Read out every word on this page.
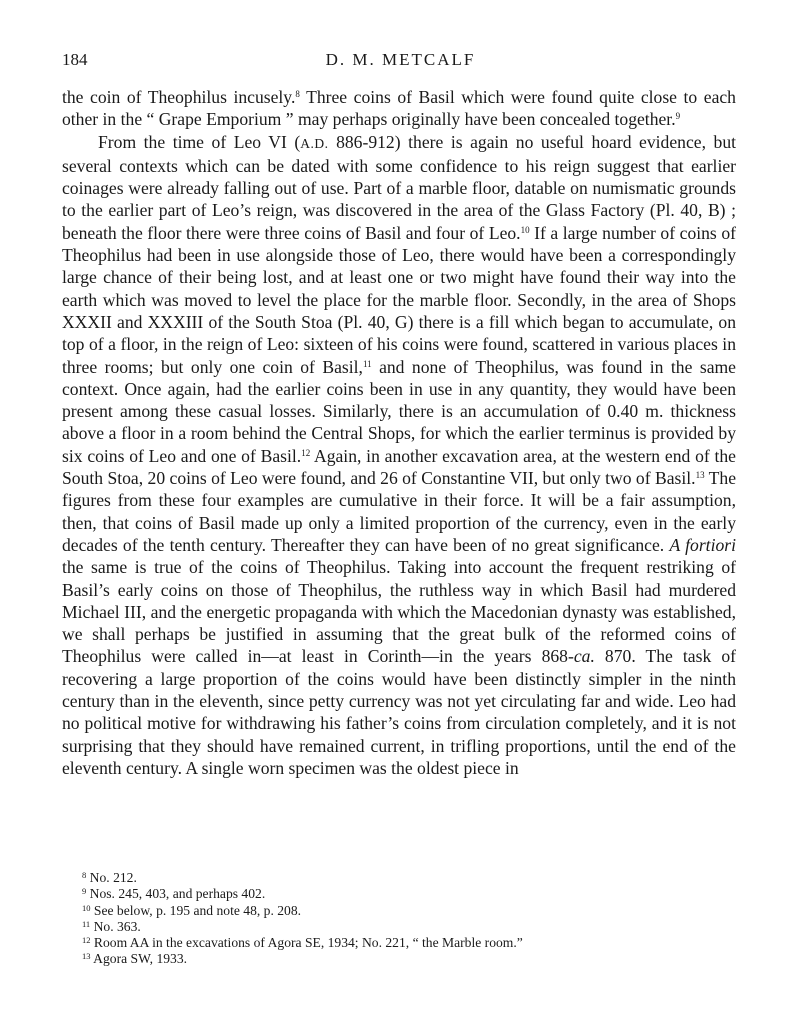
184	D. M. METCALF

the coin of Theophilus incusely.$^8$ Three coins of Basil which were found quite close to each other in the “ Grape Emporium ” may perhaps originally have been concealed together.$^9$

From the time of Leo VI (A.D. 886-912) there is again no useful hoard evidence, but several contexts which can be dated with some confidence to his reign suggest that earlier coinages were already falling out of use. Part of a marble floor, datable on numismatic grounds to the earlier part of Leo’s reign, was discovered in the area of the Glass Factory (Pl. 40, B) ; beneath the floor there were three coins of Basil and four of Leo.$^{10}$ If a large number of coins of Theophilus had been in use alongside those of Leo, there would have been a correspondingly large chance of their being lost, and at least one or two might have found their way into the earth which was moved to level the place for the marble floor. Secondly, in the area of Shops XXXII and XXXIII of the South Stoa (Pl. 40, G) there is a fill which began to accumulate, on top of a floor, in the reign of Leo: sixteen of his coins were found, scattered in various places in three rooms; but only one coin of Basil,$^{11}$ and none of Theophilus, was found in the same context. Once again, had the earlier coins been in use in any quantity, they would have been present among these casual losses. Similarly, there is an accumulation of 0.40 m. thickness above a floor in a room behind the Central Shops, for which the earlier terminus is provided by six coins of Leo and one of Basil.$^{12}$ Again, in another excavation area, at the western end of the South Stoa, 20 coins of Leo were found, and 26 of Constantine VII, but only two of Basil.$^{13}$ The figures from these four examples are cumulative in their force. It will be a fair assumption, then, that coins of Basil made up only a limited proportion of the currency, even in the early decades of the tenth century. Thereafter they can have been of no great significance. A fortiori the same is true of the coins of Theophilus. Taking into account the frequent restriking of Basil’s early coins on those of Theophilus, the ruthless way in which Basil had murdered Michael III, and the energetic propaganda with which the Macedonian dynasty was established, we shall perhaps be justified in assuming that the great bulk of the reformed coins of Theophilus were called in—at least in Corinth—in the years 868-ca. 870. The task of recovering a large proportion of the coins would have been distinctly simpler in the ninth century than in the eleventh, since petty currency was not yet circulating far and wide. Leo had no political motive for withdrawing his father’s coins from circulation completely, and it is not surprising that they should have remained current, in trifling proportions, until the end of the eleventh century. A single worn specimen was the oldest piece in

$^8$ No. 212.

$^9$ Nos. 245, 403, and perhaps 402.

$^{10}$ See below, p. 195 and note 48, p. 208.

$^{11}$ No. 363.

$^{12}$ Room AA in the excavations of Agora SE, 1934; No. 221, “ the Marble room.”

$^{13}$ Agora SW, 1933.
